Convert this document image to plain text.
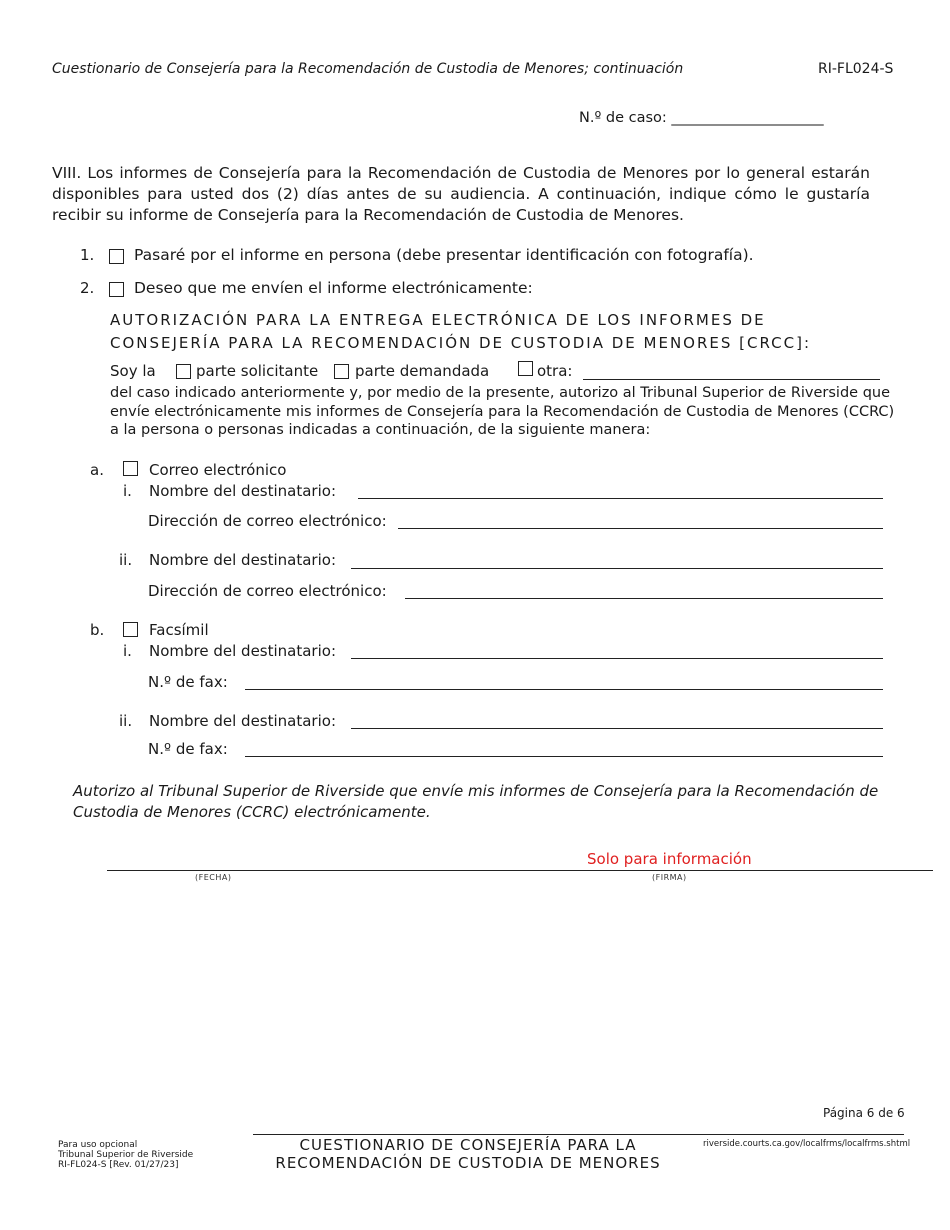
Cuestionario de Consejería para la Recomendación de Custodia de Menores; continuación	RI-FL024-S
N.º de caso: _____________________
VIII. Los informes de Consejería para la Recomendación de Custodia de Menores por lo general estarán disponibles para usted dos (2) días antes de su audiencia. A continuación, indique cómo le gustaría recibir su informe de Consejería para la Recomendación de Custodia de Menores.
1.	Pasaré por el informe en persona (debe presentar identificación con fotografía).
2.	Deseo que me envíen el informe electrónicamente:
AUTORIZACIÓN PARA LA ENTREGA ELECTRÓNICA DE LOS INFORMES DE
CONSEJERÍA PARA LA RECOMENDACIÓN DE CUSTODIA DE MENORES [CRCC]:
Soy la	parte solicitante parte demandada	otra:
del caso indicado anteriormente y, por medio de la presente, autorizo al Tribunal Superior de Riverside que envíe electrónicamente mis informes de Consejería para la Recomendación de Custodia de Menores (CCRC) a la persona o personas indicadas a continuación, de la siguiente manera:
a.	Correo electrónico
i. Nombre del destinatario:
Dirección de correo electrónico:
ii. Nombre del destinatario:
Dirección de correo electrónico:
b.	Facsímil
i. Nombre del destinatario:
N.º de fax:
ii. Nombre del destinatario:
N.º de fax:
Autorizo al Tribunal Superior de Riverside que envíe mis informes de Consejería para la Recomendación de Custodia de Menores (CCRC) electrónicamente.
Solo para información
(FECHA)	(FIRMA)
Página 6 de 6
Para uso opcional
Tribunal Superior de Riverside
RI-FL024-S [Rev. 01/27/23]
CUESTIONARIO DE CONSEJERÍA PARA LA
RECOMENDACIÓN DE CUSTODIA DE MENORES
riverside.courts.ca.gov/localfrms/localfrms.shtml
